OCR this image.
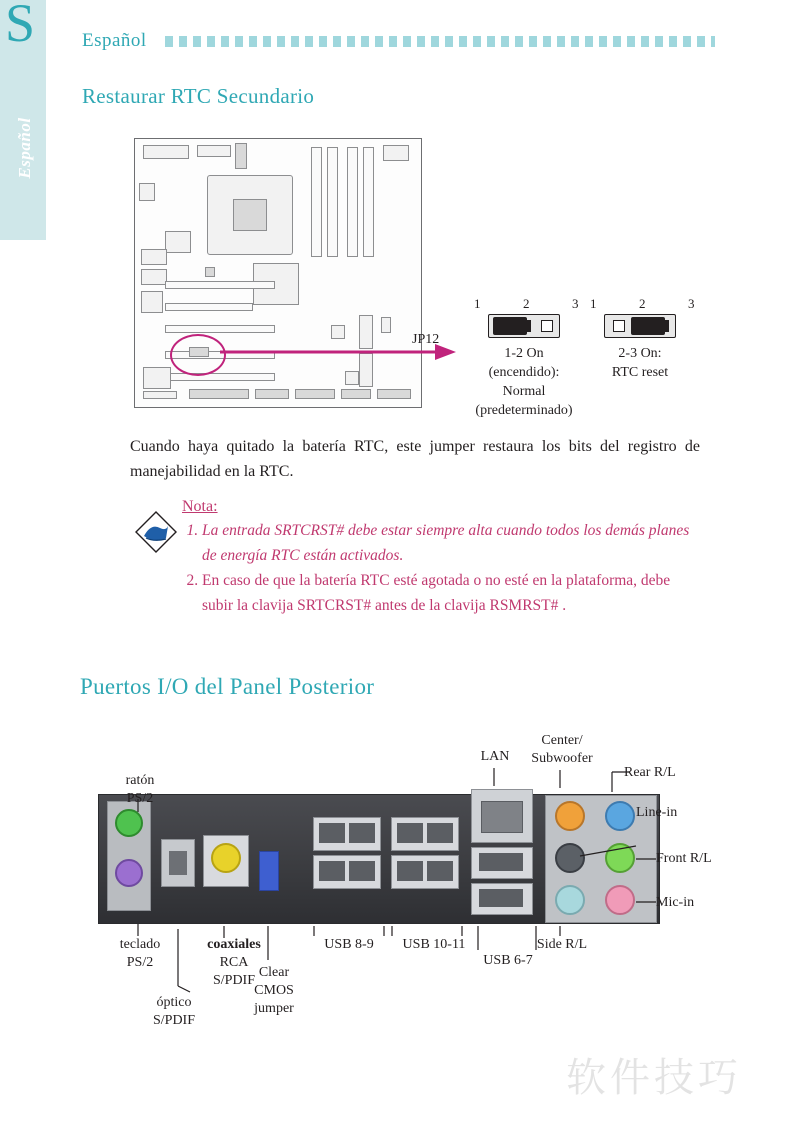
S
Español
Español
Restaurar RTC Secundario
JP12
1  2  3
1-2 On
(encendido):
Normal
(predeterminado)
1  2  3
2-3 On:
RTC reset
Cuando haya quitado la batería RTC, este jumper restaura los bits del registro de manejabilidad en la RTC.
Nota:
1. La entrada SRTCRST# debe estar siempre alta cuando todos los demás planes de energía RTC están activados.
2. En caso de que la batería RTC esté agotada o no esté en la plataforma, debe subir la clavija SRTCRST# antes de la clavija RSMRST# .
Puertos I/O del Panel Posterior
ratón
PS/2
teclado
PS/2
óptico
S/PDIF
coaxiales
RCA
S/PDIF
Clear
CMOS
jumper
USB 8-9	USB 10-11
USB 6-7
LAN
Center/
Subwoofer
Rear R/L
Line-in
Front R/L
Mic-in
Side R/L
软件技巧
